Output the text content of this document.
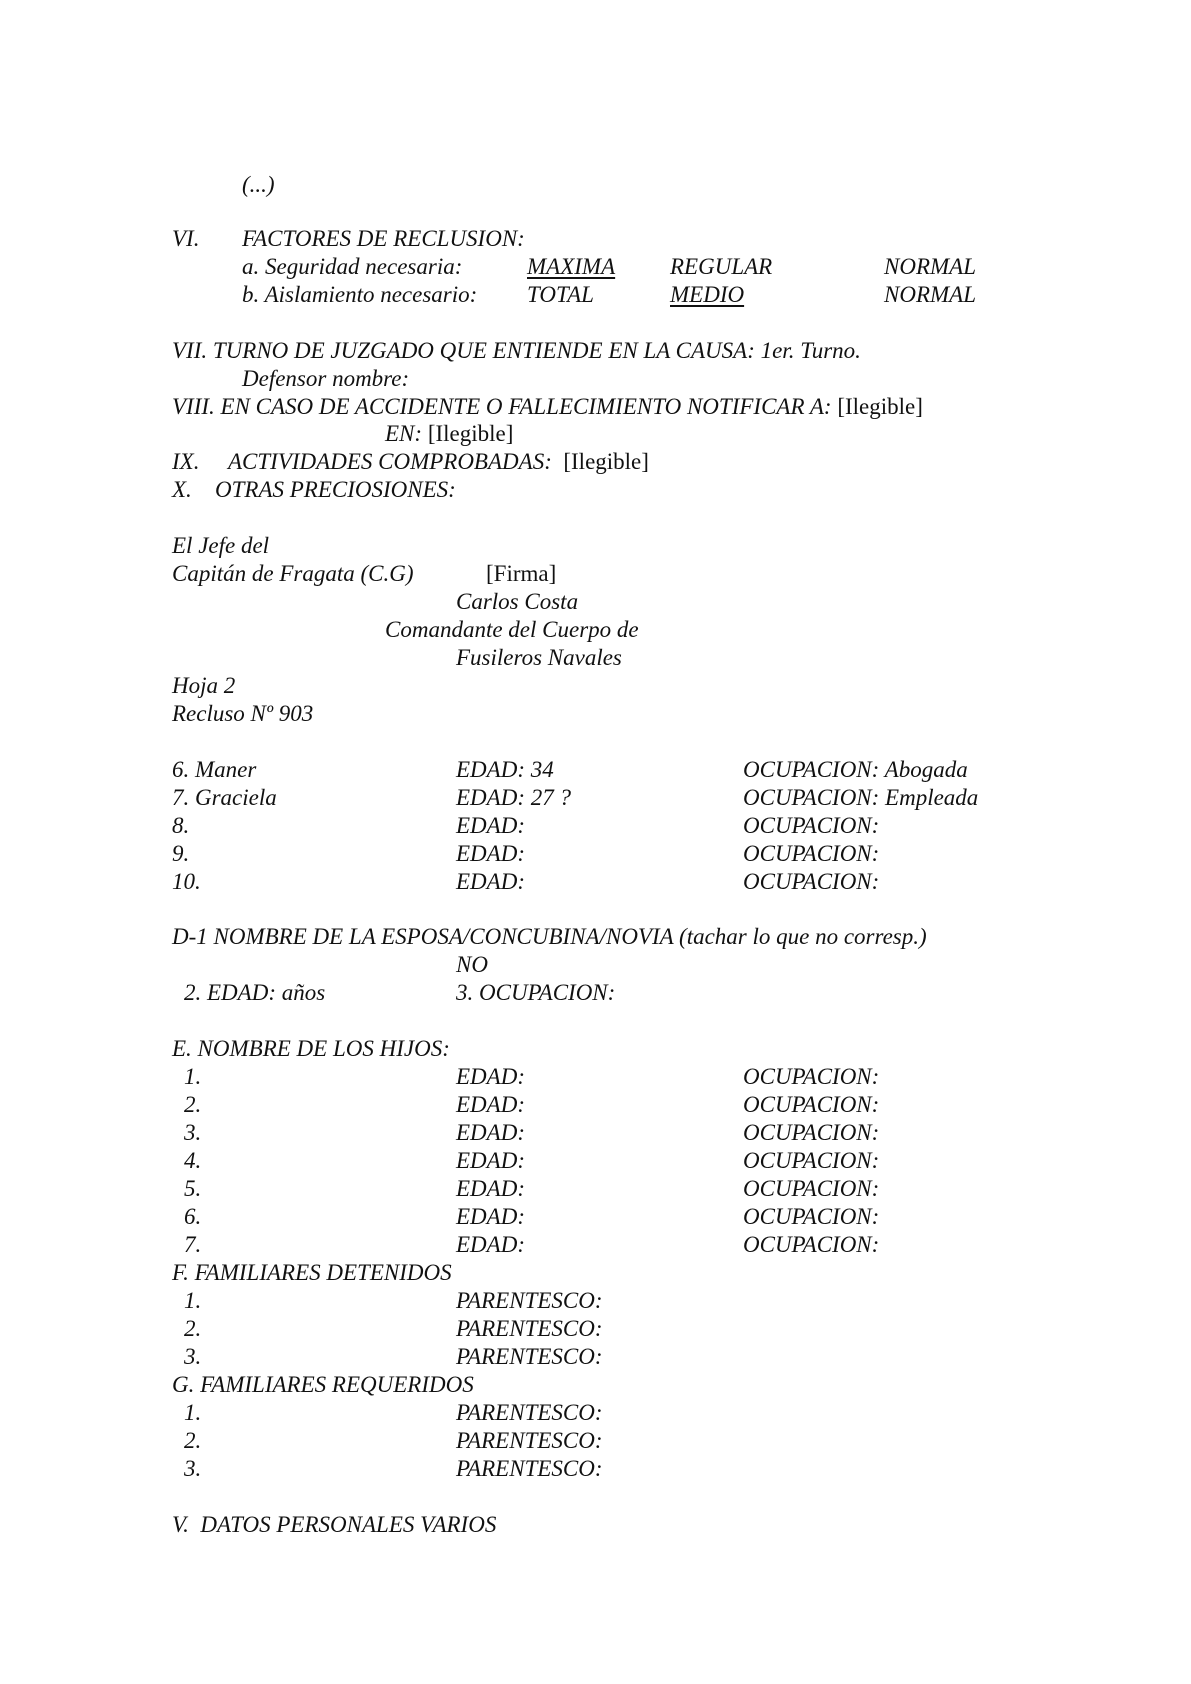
(...)
VI. FACTORES DE RECLUSION:
a. Seguridad necesaria:	MAXIMA REGULAR	NORMAL
b. Aislamiento necesario: TOTAL	MEDIO	NORMAL
VII. TURNO DE JUZGADO QUE ENTIENDE EN LA CAUSA: 1er. Turno.
Defensor nombre:
VIII. EN CASO DE ACCIDENTE O FALLECIMIENTO NOTIFICAR A: [Ilegible]
EN: [Ilegible]
IX. ACTIVIDADES COMPROBADAS: [Ilegible]
X. OTRAS PRECIOSIONES:
El Jefe del
Capitán de Fragata (C.G)	[Firma]
Carlos Costa
Comandante del Cuerpo de
Fusileros Navales
Hoja 2
Recluso Nº 903
6. Maner	EDAD: 34	OCUPACION: Abogada
7. Graciela	EDAD: 27 ?	OCUPACION: Empleada
8.	EDAD:	OCUPACION:
9.	EDAD:	OCUPACION:
10.	EDAD:	OCUPACION:
D-1 NOMBRE DE LA ESPOSA/CONCUBINA/NOVIA (tachar lo que no corresp.)
NO
2. EDAD: años	3. OCUPACION:
E. NOMBRE DE LOS HIJOS:
1.	EDAD:	OCUPACION:
2.	EDAD:	OCUPACION:
3.	EDAD:	OCUPACION:
4.	EDAD:	OCUPACION:
5.	EDAD:	OCUPACION:
6.	EDAD:	OCUPACION:
7.	EDAD:	OCUPACION:
F. FAMILIARES DETENIDOS
1.	PARENTESCO:
2.	PARENTESCO:
3.	PARENTESCO:
G. FAMILIARES REQUERIDOS
1.	PARENTESCO:
2.	PARENTESCO:
3.	PARENTESCO:
V.  DATOS PERSONALES VARIOS
